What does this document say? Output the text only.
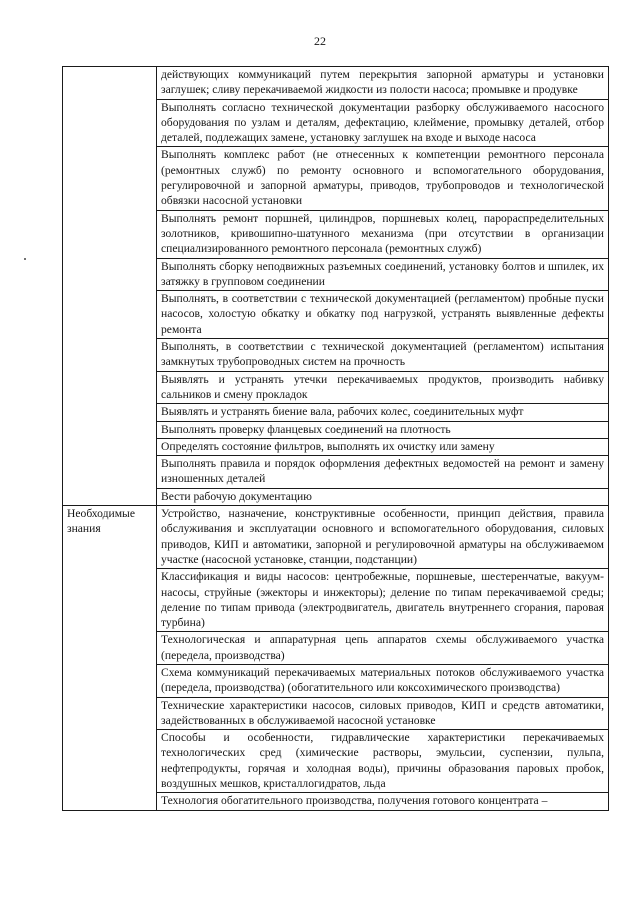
22
	действующих коммуникаций путем перекрытия запорной арматуры и установки заглушек; сливу перекачиваемой жидкости из полости насоса; промывке и продувке
	Выполнять согласно технической документации разборку обслуживаемого насосного оборудования по узлам и деталям, дефектацию, клеймение, промывку деталей, отбор деталей, подлежащих замене, установку заглушек на входе и выходе насоса
	Выполнять комплекс работ (не отнесенных к компетенции ремонтного персонала (ремонтных служб) по ремонту основного и вспомогательного оборудования, регулировочной и запорной арматуры, приводов, трубопроводов и технологической обвязки насосной установки
	Выполнять ремонт поршней, цилиндров, поршневых колец, парораспределительных золотников, кривошипно-шатунного механизма (при отсутствии в организации специализированного ремонтного персонала (ремонтных служб)
	Выполнять сборку неподвижных разъемных соединений, установку болтов и шпилек, их затяжку в групповом соединении
	Выполнять, в соответствии с технической документацией (регламентом) пробные пуски насосов, холостую обкатку и обкатку под нагрузкой, устранять выявленные дефекты ремонта
	Выполнять, в соответствии с технической документацией (регламентом) испытания замкнутых трубопроводных систем на прочность
	Выявлять и устранять утечки перекачиваемых продуктов, производить набивку сальников и смену прокладок
	Выявлять и устранять биение вала, рабочих колес, соединительных муфт
	Выполнять проверку фланцевых соединений на плотность
	Определять состояние фильтров, выполнять их очистку или замену
	Выполнять правила и порядок оформления дефектных ведомостей на ремонт и замену изношенных деталей
	Вести рабочую документацию
Необходимые знания	Устройство, назначение, конструктивные особенности, принцип действия, правила обслуживания и эксплуатации основного и вспомогательного оборудования, силовых приводов, КИП и автоматики, запорной и регулировочной арматуры на обслуживаемом участке (насосной установке, станции, подстанции)
	Классификация и виды насосов: центробежные, поршневые, шестеренчатые, вакуум-насосы, струйные (эжекторы и инжекторы); деление по типам перекачиваемой среды; деление по типам привода (электродвигатель, двигатель внутреннего сгорания, паровая турбина)
	Технологическая и аппаратурная цепь аппаратов схемы обслуживаемого участка (передела, производства)
	Схема коммуникаций перекачиваемых материальных потоков обслуживаемого участка (передела, производства) (обогатительного или коксохимического производства)
	Технические характеристики насосов, силовых приводов, КИП и средств автоматики, задействованных в обслуживаемой насосной установке
	Способы и особенности, гидравлические характеристики перекачиваемых технологических сред (химические растворы, эмульсии, суспензии, пульпа, нефтепродукты, горячая и холодная воды), причины образования паровых пробок, воздушных мешков, кристаллогидратов, льда
	Технология обогатительного производства, получения готового концентрата –
